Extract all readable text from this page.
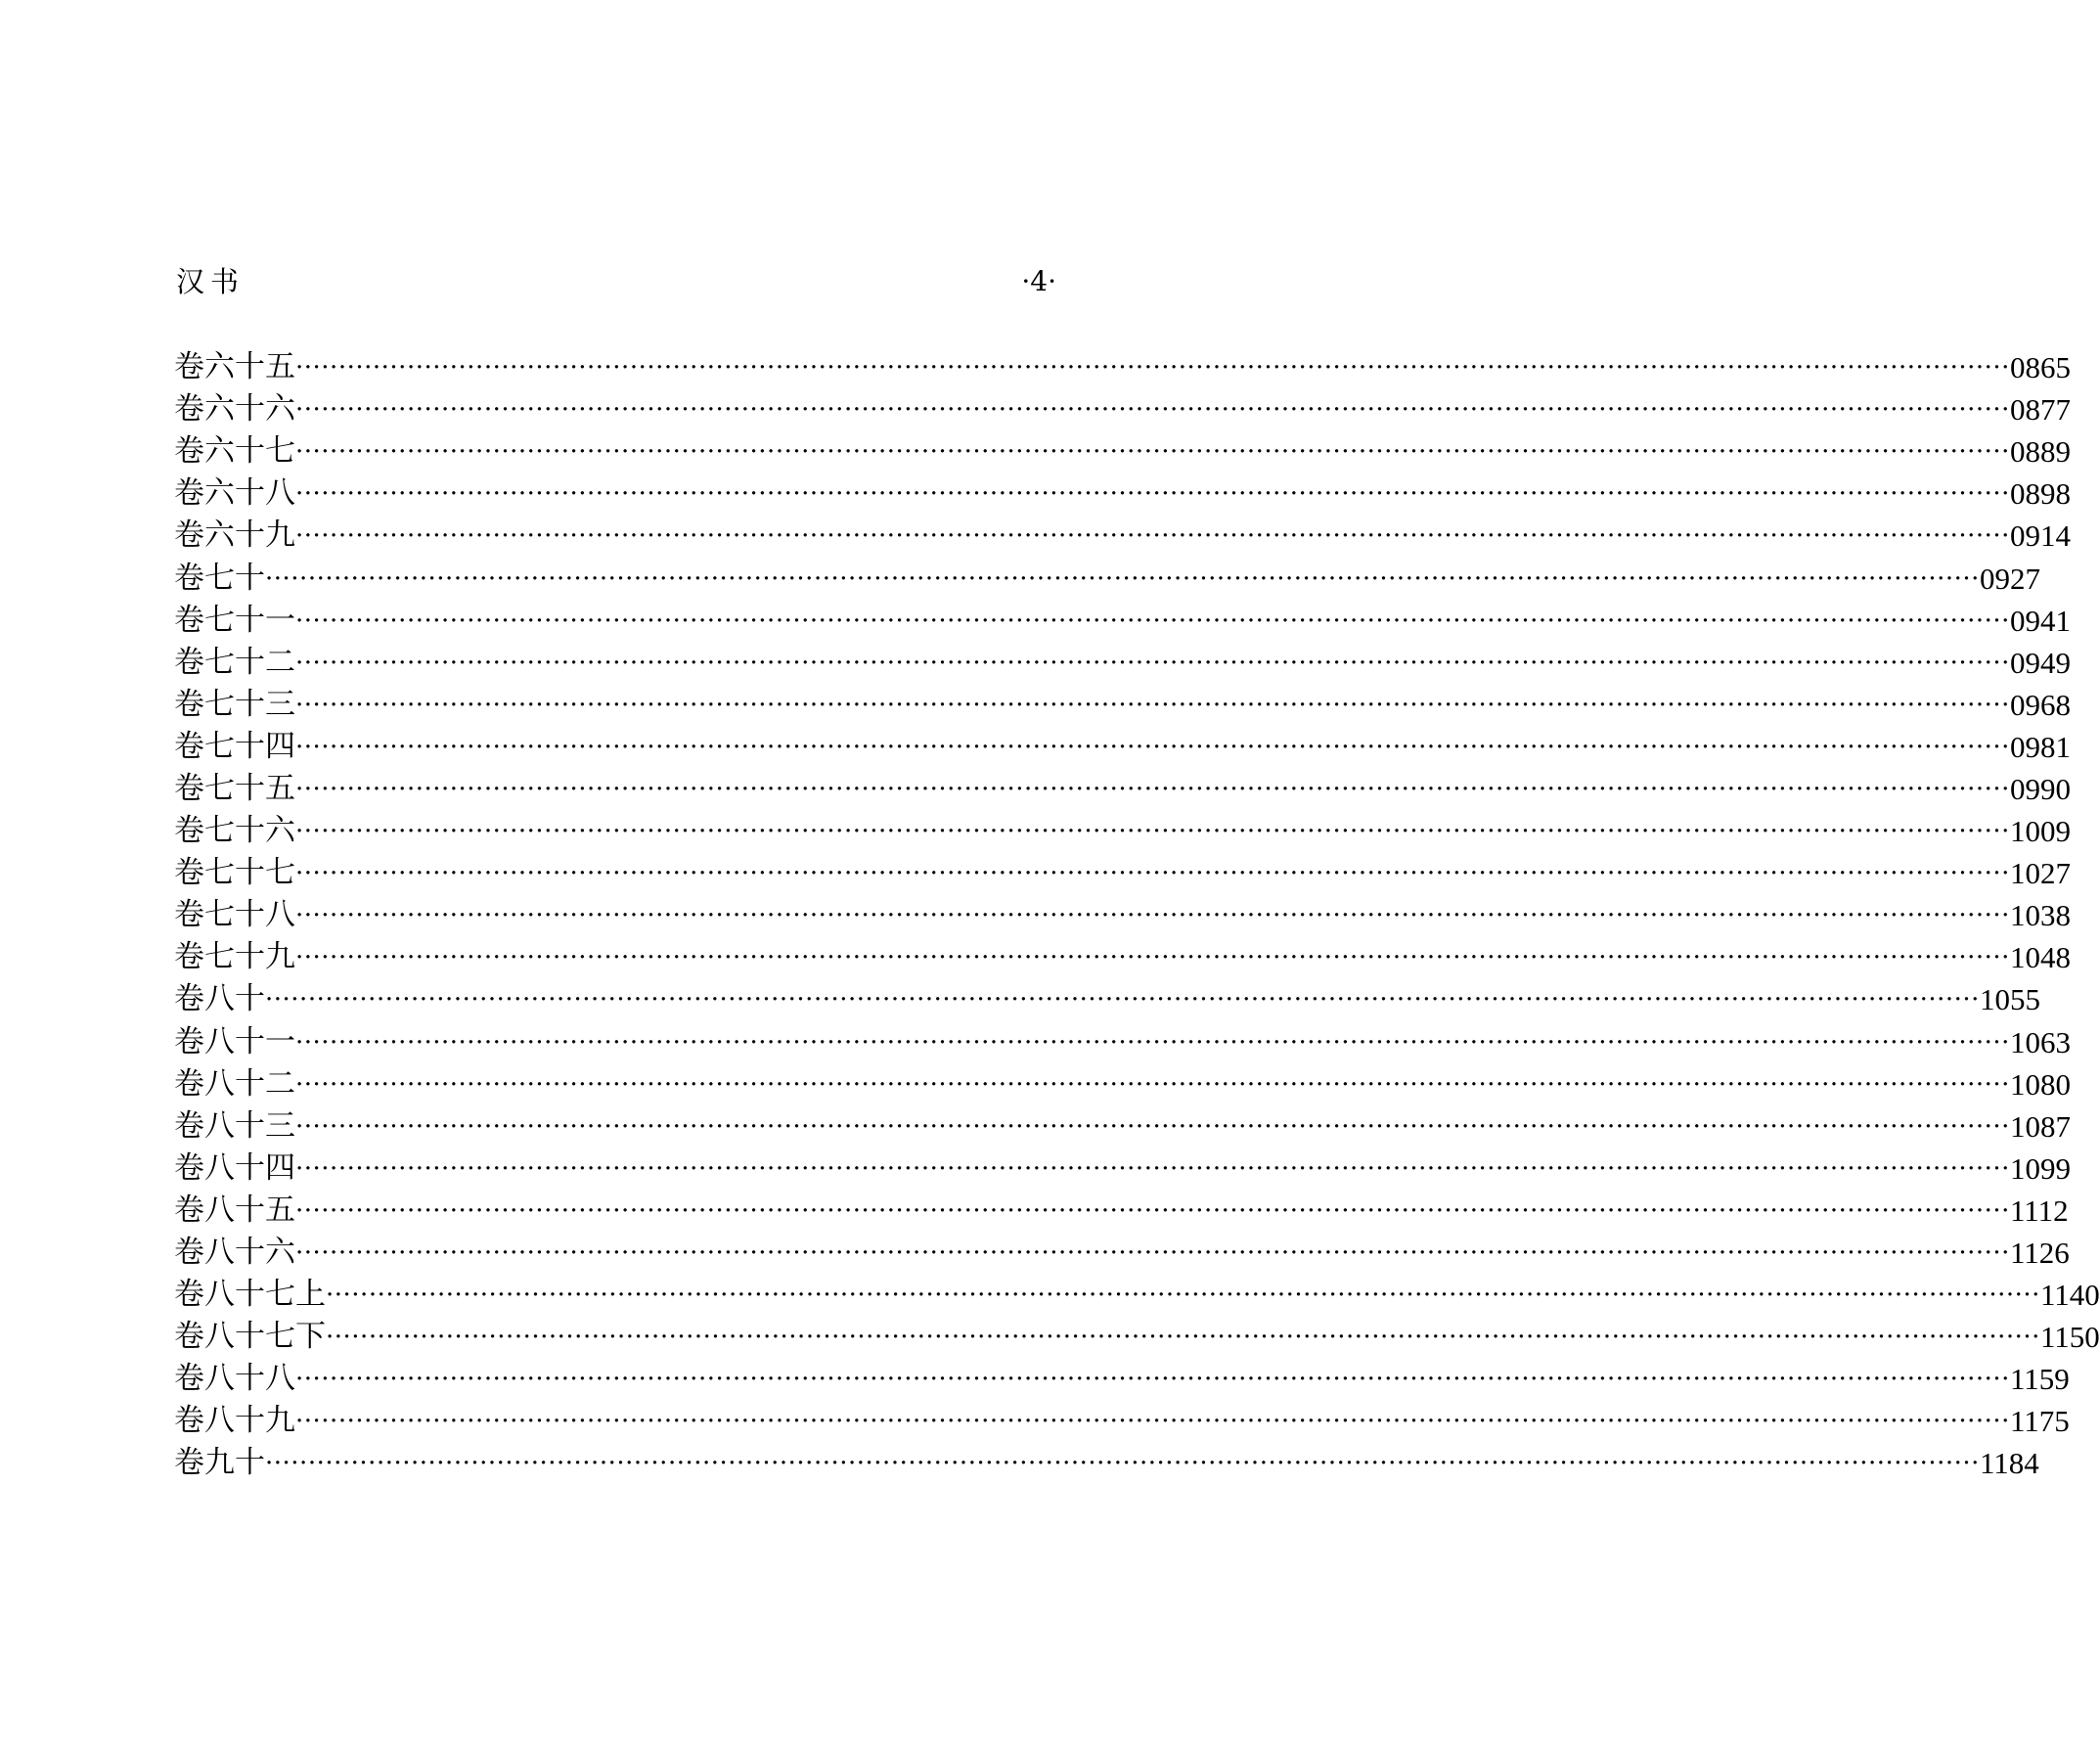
汉书	·4·
卷六十五 ········································································································································································································ 0865
卷六十六 ········································································································································································································ 0877
卷六十七 ········································································································································································································ 0889
卷六十八 ········································································································································································································ 0898
卷六十九 ········································································································································································································ 0914
卷七十 ········································································································································································································ 0927
卷七十一 ········································································································································································································ 0941
卷七十二 ········································································································································································································ 0949
卷七十三 ········································································································································································································ 0968
卷七十四 ········································································································································································································ 0981
卷七十五 ········································································································································································································ 0990
卷七十六 ········································································································································································································ 1009
卷七十七 ········································································································································································································ 1027
卷七十八 ········································································································································································································ 1038
卷七十九 ········································································································································································································ 1048
卷八十 ········································································································································································································ 1055
卷八十一 ········································································································································································································ 1063
卷八十二 ········································································································································································································ 1080
卷八十三 ········································································································································································································ 1087
卷八十四 ········································································································································································································ 1099
卷八十五 ········································································································································································································ 1112
卷八十六 ········································································································································································································ 1126
卷八十七上 ········································································································································································································ 1140
卷八十七下 ········································································································································································································ 1150
卷八十八 ········································································································································································································ 1159
卷八十九 ········································································································································································································ 1175
卷九十 ········································································································································································································ 1184
